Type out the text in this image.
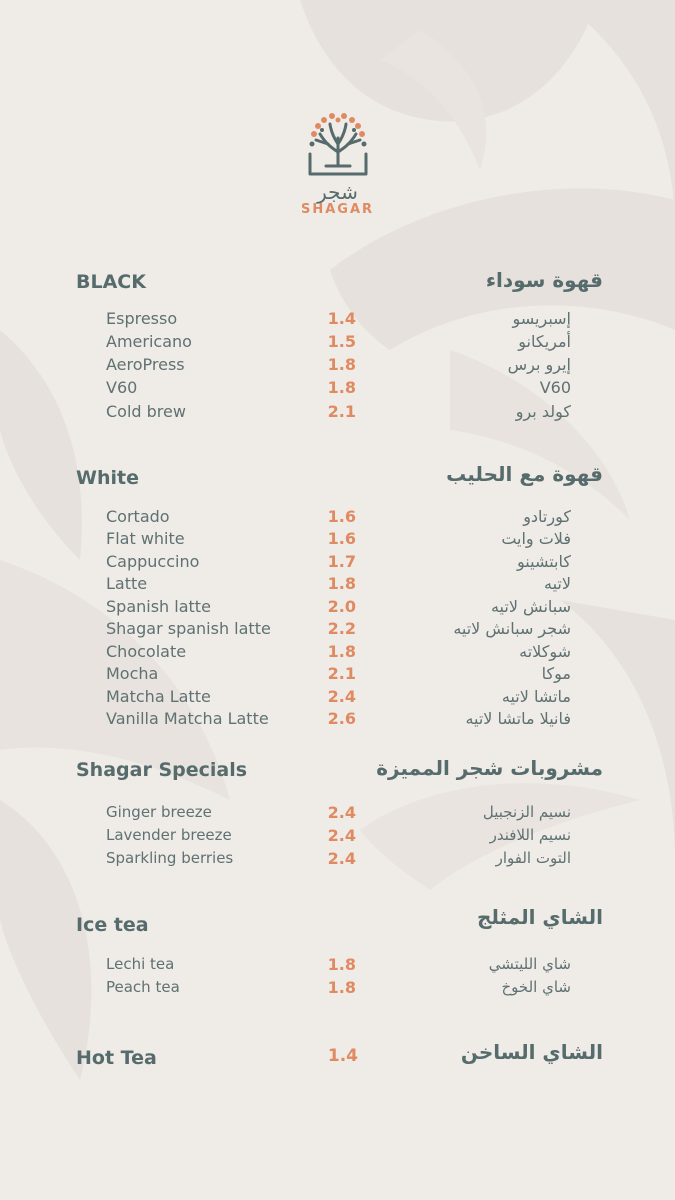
شجر
SHAGAR
BLACK	قهوة سوداء
Espresso	1.4	إسبريسو
Americano	1.5	أمريكانو
AeroPress	1.8	إيرو برس
V60	1.8	V60
Cold brew	2.1	كولد برو
White	قهوة مع الحليب
Cortado	1.6	كورتادو
Flat white	1.6	فلات وايت
Cappuccino	1.7	كابتشينو
Latte	1.8	لاتيه
Spanish latte	2.0	سبانش لاتيه
Shagar spanish latte	2.2	شجر سبانش لاتيه
Chocolate	1.8	شوكلاته
Mocha	2.1	موكا
Matcha Latte	2.4	ماتشا لاتيه
Vanilla Matcha Latte	2.6	فانيلا ماتشا لاتيه
Shagar Specials	مشروبات شجر المميزة
Ginger breeze	2.4	نسيم الزنجبيل
Lavender breeze	2.4	نسيم اللافندر
Sparkling berries	2.4	التوت الفوار
Ice tea	الشاي المثلج
Lechi tea	1.8	شاي الليتشي
Peach tea	1.8	شاي الخوخ
Hot Tea	1.4	الشاي الساخن
